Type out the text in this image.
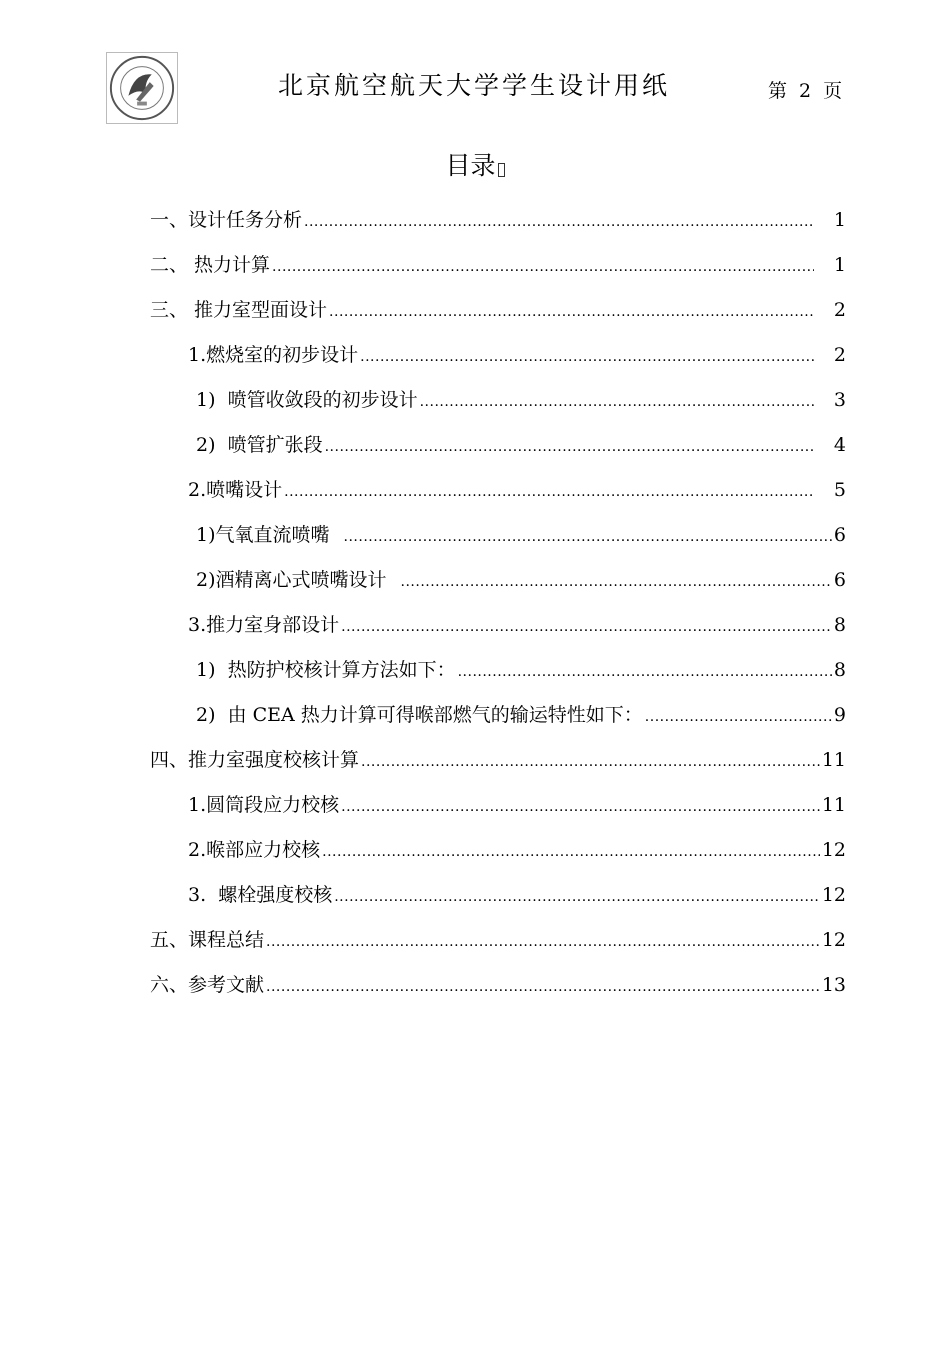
北京航空航天大学学生设计用纸	第 2 页
目录
一、设计任务分析 .....	1
二、 热力计算 .....	1
三、 推力室型面设计 .....	2
1.燃烧室的初步设计 .....	2
1)  喷管收敛段的初步设计 .....	3
2)  喷管扩张段 .....	4
2.喷嘴设计 .....	5
1)气氧直流喷嘴 .....	6
2)酒精离心式喷嘴设计 .....	6
3.推力室身部设计 .....	8
1)  热防护校核计算方法如下： .....	8
2)  由 CEA 热力计算可得喉部燃气的输运特性如下： .....	9
四、推力室强度校核计算 .....	11
1.圆筒段应力校核 .....	11
2.喉部应力校核 .....	12
3.  螺栓强度校核 .....	12
五、课程总结 .....	12
六、参考文献 .....	13
